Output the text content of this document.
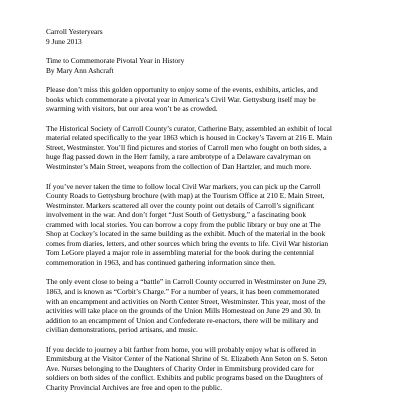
Carroll Yesteryears

9 June 2013

Time to Commemorate Pivotal Year in History

By Mary Ann Ashcraft

Please don’t miss this golden opportunity to enjoy some of the events, exhibits, articles, and

books which commemorate a pivotal year in America’s Civil War. Gettysburg itself may be

swarming with visitors, but our area won’t be as crowded.

The Historical Society of Carroll County’s curator, Catherine Baty, assembled an exhibit of local

material related specifically to the year 1863 which is housed in Cockey’s Tavern at 216 E. Main

Street, Westminster. You’ll find pictures and stories of Carroll men who fought on both sides, a

huge flag passed down in the Herr family, a rare ambrotype of a Delaware cavalryman on

Westminster’s Main Street, weapons from the collection of Dan Hartzler, and much more.

If you’ve never taken the time to follow local Civil War markers, you can pick up the Carroll

County Roads to Gettysburg brochure (with map) at the Tourism Office at 210 E. Main Street,

Westminster. Markers scattered all over the county point out details of Carroll’s significant

involvement in the war. And don’t forget “Just South of Gettysburg,” a fascinating book

crammed with local stories. You can borrow a copy from the public library or buy one at The

Shop at Cockey’s located in the same building as the exhibit. Much of the material in the book

comes from diaries, letters, and other sources which bring the events to life. Civil War historian

Tom LeGore played a major role in assembling material for the book during the centennial

commemoration in 1963, and has continued gathering information since then.

The only event close to being a “battle” in Carroll County occurred in Westminster on June 29,

1863, and is known as “Corbit’s Charge.” For a number of years, it has been commemorated

with an encampment and activities on North Center Street, Westminster. This year, most of the

activities will take place on the grounds of the Union Mills Homestead on June 29 and 30. In

addition to an encampment of Union and Confederate re-enactors, there will be military and

civilian demonstrations, period artisans, and music.

If you decide to journey a bit farther from home, you will probably enjoy what is offered in

Emmitsburg at the Visitor Center of the National Shrine of St. Elizabeth Ann Seton on S. Seton

Ave. Nurses belonging to the Daughters of Charity Order in Emmitsburg provided care for

soldiers on both sides of the conflict. Exhibits and public programs based on the Daughters of

Charity Provincial Archives are free and open to the public.
